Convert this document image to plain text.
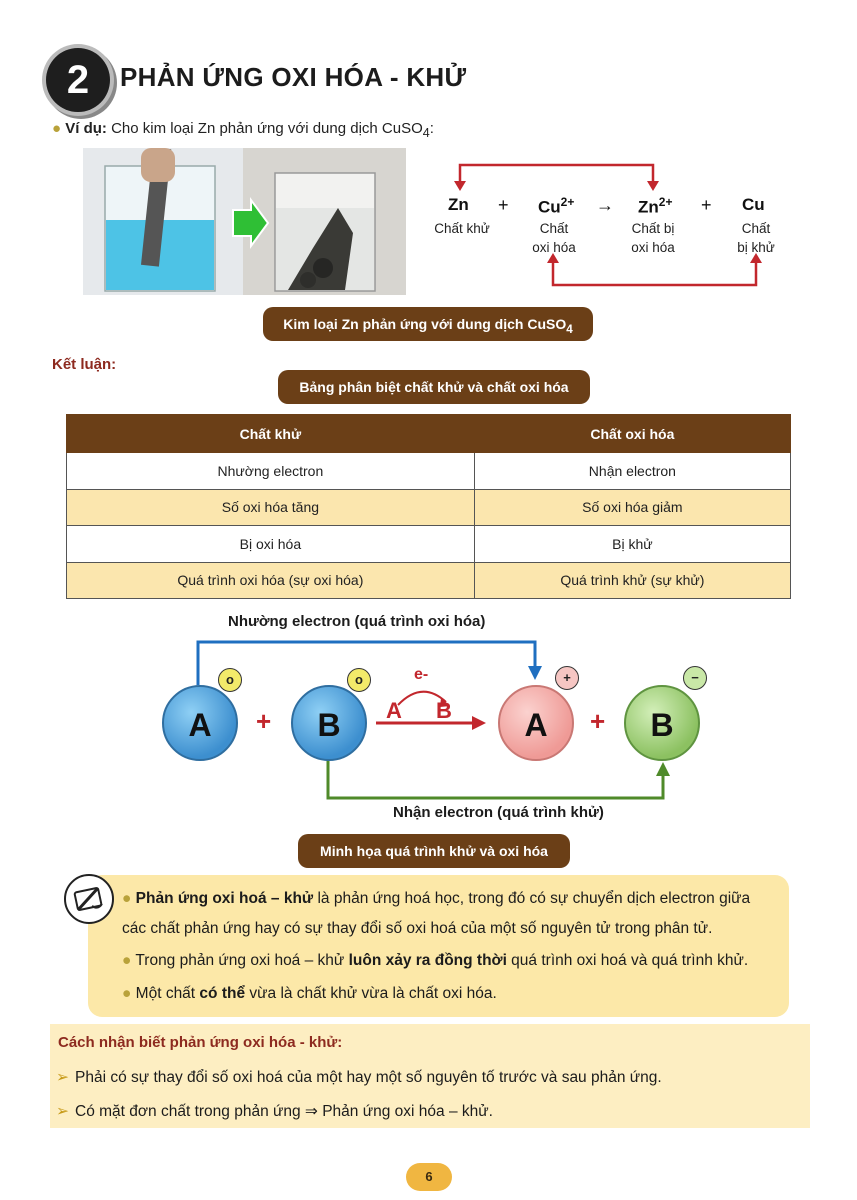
2	PHẢN ỨNG OXI HÓA - KHỬ
● Ví dụ: Cho kim loại Zn phản ứng với dung dịch CuSO$_4$:
$Zn + Cu^{2+} \to Zn^{2+} + Cu$
Chất khử	Chất
oxi hóa
Chất bị
oxi hóa
Chất
bị khử
Kim loại Zn phản ứng với dung dịch CuSO$_4$
Kết luận:
Bảng phân biệt chất khử và chất oxi hóa
Chất khử	Chất oxi hóa
Nhường electron	Nhận electron
Số oxi hóa tăng	Số oxi hóa giảm
Bị oxi hóa	Bị khử
Quá trình oxi hóa (sự oxi hóa)	Quá trình khử (sự khử)
Nhường electron (quá trình oxi hóa)
Nhận electron (quá trình khử)
A
o
+	B
o	e-
A B	A
+
+	B
−
Minh họa quá trình khử và oxi hóa

● Phản ứng oxi hoá – khử là phản ứng hoá học, trong đó có sự chuyển dịch electron giữa

các chất phản ứng hay có sự thay đổi số oxi hoá của một số nguyên tử trong phân tử.

● Trong phản ứng oxi hoá – khử luôn xảy ra đồng thời quá trình oxi hoá và quá trình khử.

● Một chất có thể vừa là chất khử vừa là chất oxi hóa.

Cách nhận biết phản ứng oxi hóa - khử:
➢ Phải có sự thay đổi số oxi hoá của một hay một số nguyên tố trước và sau phản ứng.
➢ Có mặt đơn chất trong phản ứng ⇒ Phản ứng oxi hóa – khử.
6
